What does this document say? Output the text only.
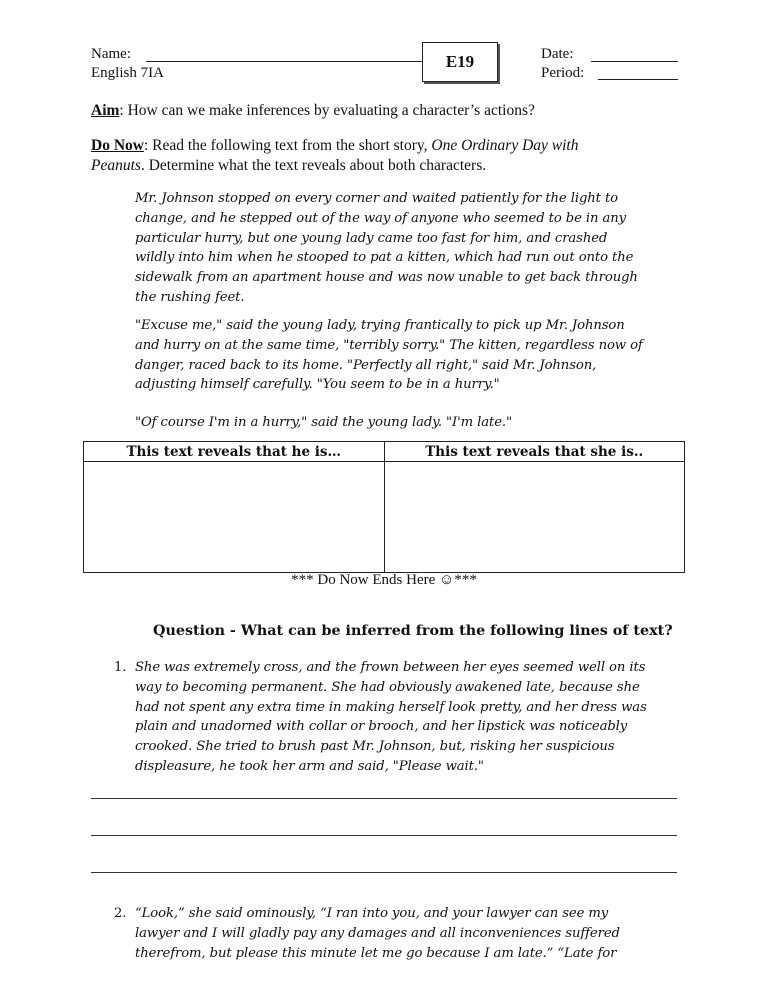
Name:
English 7IA
E19	Date:
Period:
Aim: How can we make inferences by evaluating a character’s actions?
Do Now: Read the following text from the short story, One Ordinary Day with
Peanuts. Determine what the text reveals about both characters.
Mr. Johnson stopped on every corner and waited patiently for the light to
change, and he stepped out of the way of anyone who seemed to be in any
particular hurry, but one young lady came too fast for him, and crashed
wildly into him when he stooped to pat a kitten, which had run out onto the
sidewalk from an apartment house and was now unable to get back through
the rushing feet.
"Excuse me," said the young lady, trying frantically to pick up Mr. Johnson
and hurry on at the same time, "terribly sorry." The kitten, regardless now of
danger, raced back to its home. "Perfectly all right," said Mr. Johnson,
adjusting himself carefully. "You seem to be in a hurry."
"Of course I'm in a hurry," said the young lady. "I'm late."
This text reveals that he is…	This text reveals that she is..

*** Do Now Ends Here ☺***
Question - What can be inferred from the following lines of text?
1. She was extremely cross, and the frown between her eyes seemed well on its
way to becoming permanent. She had obviously awakened late, because she
had not spent any extra time in making herself look pretty, and her dress was
plain and unadorned with collar or brooch, and her lipstick was noticeably
crooked. She tried to brush past Mr. Johnson, but, risking her suspicious
displeasure, he took her arm and said, "Please wait."
2. “Look,” she said ominously, “I ran into you, and your lawyer can see my
lawyer and I will gladly pay any damages and all inconveniences suffered
therefrom, but please this minute let me go because I am late.” “Late for
